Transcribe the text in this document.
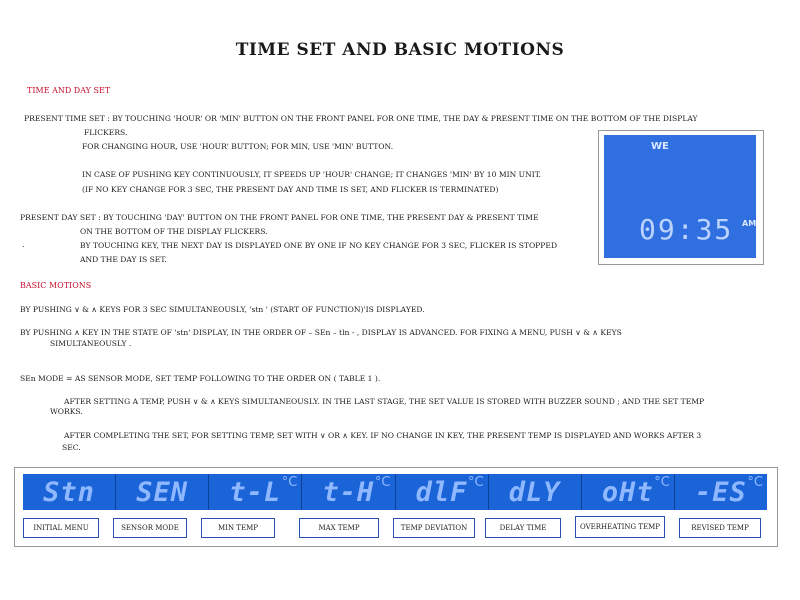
TIME SET AND BASIC MOTIONS
TIME AND DAY SET
PRESENT TIME SET : BY TOUCHING 'HOUR' OR 'MIN' BUTTON ON THE FRONT PANEL FOR ONE TIME, THE DAY & PRESENT TIME ON THE BOTTOM OF THE DISPLAY
FLICKERS.
FOR CHANGING HOUR, USE 'HOUR' BUTTON; FOR MIN, USE 'MIN' BUTTON.
IN CASE OF PUSHING KEY CONTINUOUSLY, IT SPEEDS UP 'HOUR' CHANGE; IT CHANGES 'MIN' BY 10 MIN UNIT.
(IF NO KEY CHANGE FOR 3 SEC, THE PRESENT DAY AND TIME IS SET, AND FLICKER IS TERMINATED)
PRESENT DAY SET : BY TOUCHING 'DAY' BUTTON ON THE FRONT PANEL FOR ONE TIME, THE PRESENT DAY & PRESENT TIME
ON THE BOTTOM OF THE DISPLAY FLICKERS.
.	BY TOUCHING KEY, THE NEXT DAY IS DISPLAYED ONE BY ONE IF NO KEY CHANGE FOR 3 SEC, FLICKER IS STOPPED
AND THE DAY IS SET.
BASIC MOTIONS
BY PUSHING ∨ & ∧ KEYS FOR 3 SEC SIMULTANEOUSLY, 'stn ' (START OF FUNCTION)'IS DISPLAYED.
BY PUSHING ∧ KEY IN THE STATE OF 'stn' DISPLAY, IN THE ORDER OF – SEn – tln - , DISPLAY IS ADVANCED. FOR FIXING A MENU, PUSH ∨ & ∧ KEYS
SIMULTANEOUSLY .
SEn MODE = AS SENSOR MODE, SET TEMP FOLLOWING TO THE ORDER ON ( TABLE 1 ).
AFTER SETTING A TEMP, PUSH ∨ & ∧ KEYS SIMULTANEOUSLY. IN THE LAST STAGE, THE SET VALUE IS STORED WITH BUZZER SOUND ; AND THE SET TEMP
WORKS.
AFTER COMPLETING THE SET, FOR SETTING TEMP, SET WITH ∨ OR ∧ KEY. IF NO CHANGE IN KEY, THE PRESENT TEMP IS DISPLAYED AND WORKS AFTER 3
SEC.
WE
09:35 AM
Stn SEN t-L °C t-H °C dlF °C dLY oHt °C -ES °C
INITIAL MENU	SENSOR MODE	MIN TEMP	MAX TEMP	TEMP DEVIATION	DELAY TIME	OVERHEATING TEMP	REVISED TEMP
